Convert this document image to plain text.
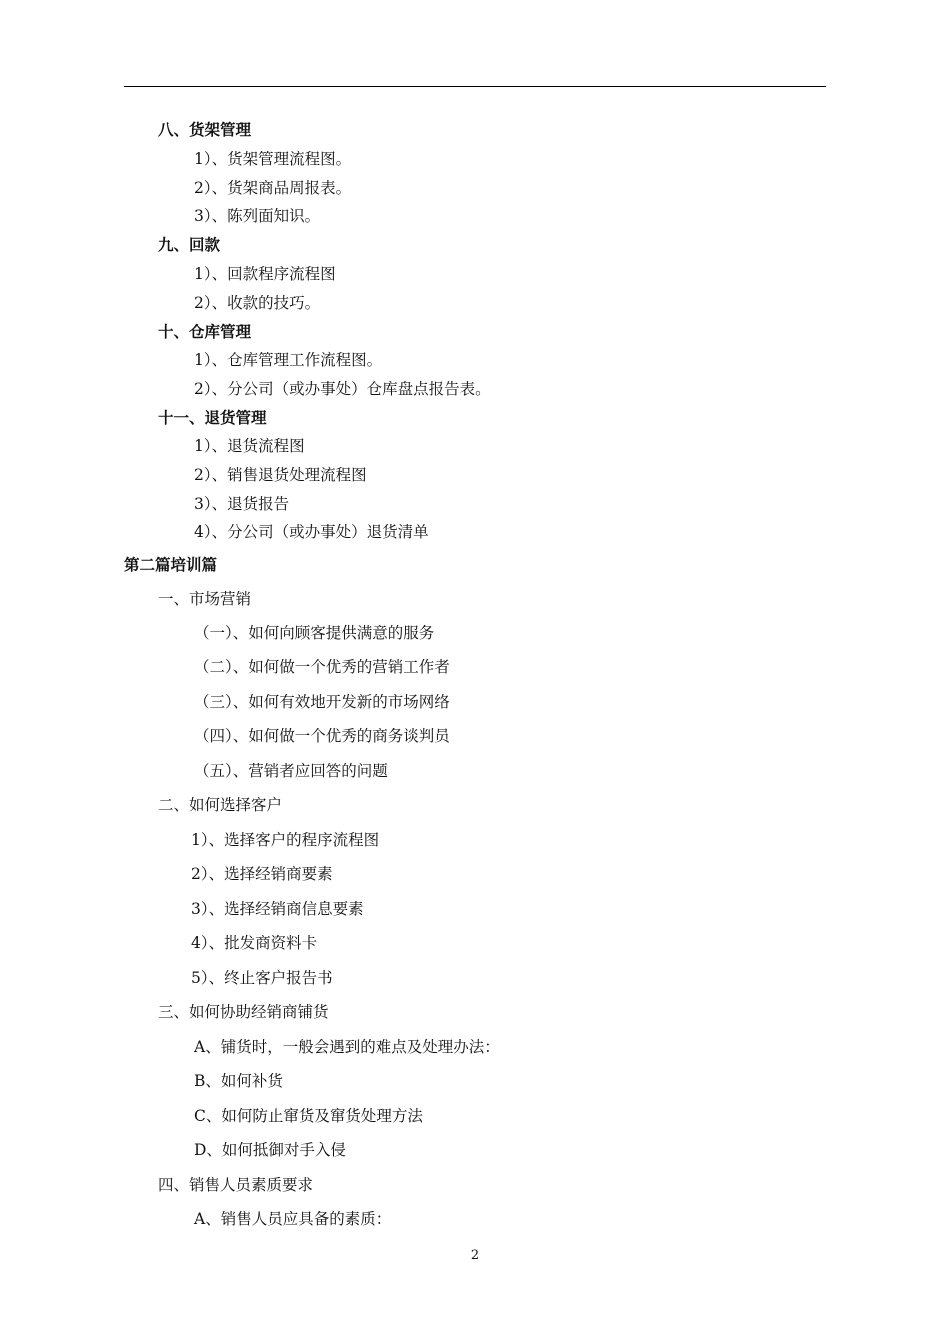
八、货架管理
1）、货架管理流程图。
2）、货架商品周报表。
3）、陈列面知识。
九、回款
1）、回款程序流程图
2）、收款的技巧。
十、仓库管理
1）、仓库管理工作流程图。
2）、分公司（或办事处）仓库盘点报告表。
十一、退货管理
1）、退货流程图
2）、销售退货处理流程图
3）、退货报告
4）、分公司（或办事处）退货清单
第二篇培训篇
一、市场营销
（一）、如何向顾客提供满意的服务
（二）、如何做一个优秀的营销工作者
（三）、如何有效地开发新的市场网络
（四）、如何做一个优秀的商务谈判员
（五）、营销者应回答的问题
二、如何选择客户
1）、选择客户的程序流程图
2）、选择经销商要素
3）、选择经销商信息要素
4）、批发商资料卡
5）、终止客户报告书
三、如何协助经销商铺货
A、铺货时，一般会遇到的难点及处理办法：
B、如何补货
C、如何防止窜货及窜货处理方法
D、如何抵御对手入侵
四、销售人员素质要求
A、销售人员应具备的素质：
2
